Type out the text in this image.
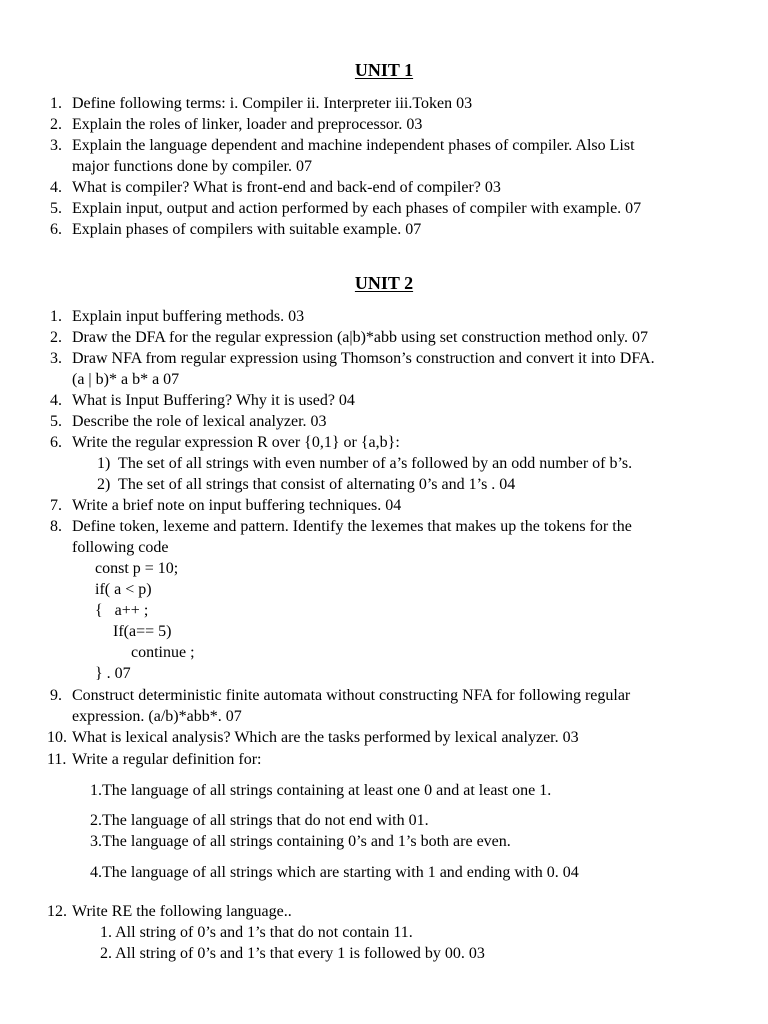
UNIT 1
1. Define following terms: i. Compiler ii. Interpreter iii.Token 03
2. Explain the roles of linker, loader and preprocessor. 03
3. Explain the language dependent and machine independent phases of compiler. Also List
major functions done by compiler. 07
4. What is compiler? What is front-end and back-end of compiler? 03
5. Explain input, output and action performed by each phases of compiler with example. 07
6. Explain phases of compilers with suitable example. 07
UNIT 2
1. Explain input buffering methods. 03
2. Draw the DFA for the regular expression (a|b)*abb using set construction method only. 07
3. Draw NFA from regular expression using Thomson’s construction and convert it into DFA.
(a | b)* a b* a 07
4. What is Input Buffering? Why it is used? 04
5. Describe the role of lexical analyzer. 03
6. Write the regular expression R over {0,1} or {a,b}:
1)  The set of all strings with even number of a’s followed by an odd number of b’s.
2)  The set of all strings that consist of alternating 0’s and 1’s . 04
7. Write a brief note on input buffering techniques. 04
8. Define token, lexeme and pattern. Identify the lexemes that makes up the tokens for the
following code
const p = 10;
if( a < p)
{   a++ ;
If(a== 5)
continue ;
} . 07
9. Construct deterministic finite automata without constructing NFA for following regular
expression. (a/b)*abb*. 07
10. What is lexical analysis? Which are the tasks performed by lexical analyzer. 03
11. Write a regular definition for:
1.The language of all strings containing at least one 0 and at least one 1.
2.The language of all strings that do not end with 01.
3.The language of all strings containing 0’s and 1’s both are even.
4.The language of all strings which are starting with 1 and ending with 0. 04
12. Write RE the following language..
1. All string of 0’s and 1’s that do not contain 11.
2. All string of 0’s and 1’s that every 1 is followed by 00. 03
